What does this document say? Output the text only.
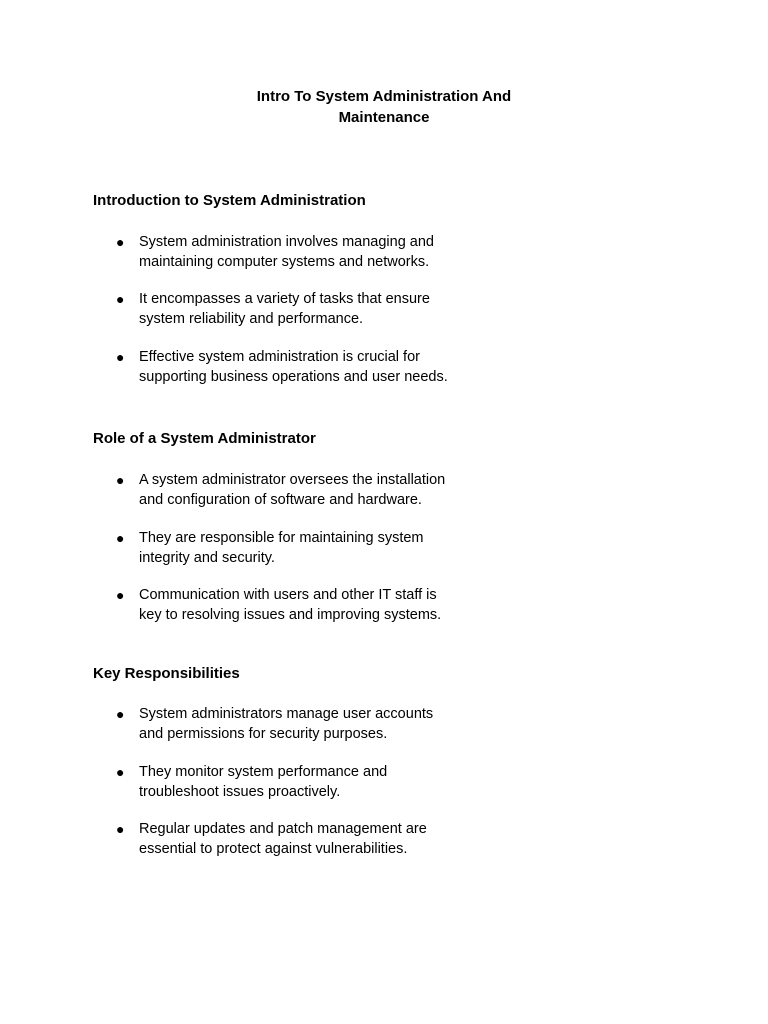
Intro To System Administration And
Maintenance
Introduction to System Administration
● System administration involves managing and
maintaining computer systems and networks.
● It encompasses a variety of tasks that ensure
system reliability and performance.
● Effective system administration is crucial for
supporting business operations and user needs.
Role of a System Administrator
● A system administrator oversees the installation
and configuration of software and hardware.
● They are responsible for maintaining system
integrity and security.
● Communication with users and other IT staff is
key to resolving issues and improving systems.
Key Responsibilities
● System administrators manage user accounts
and permissions for security purposes.
● They monitor system performance and
troubleshoot issues proactively.
● Regular updates and patch management are
essential to protect against vulnerabilities.
